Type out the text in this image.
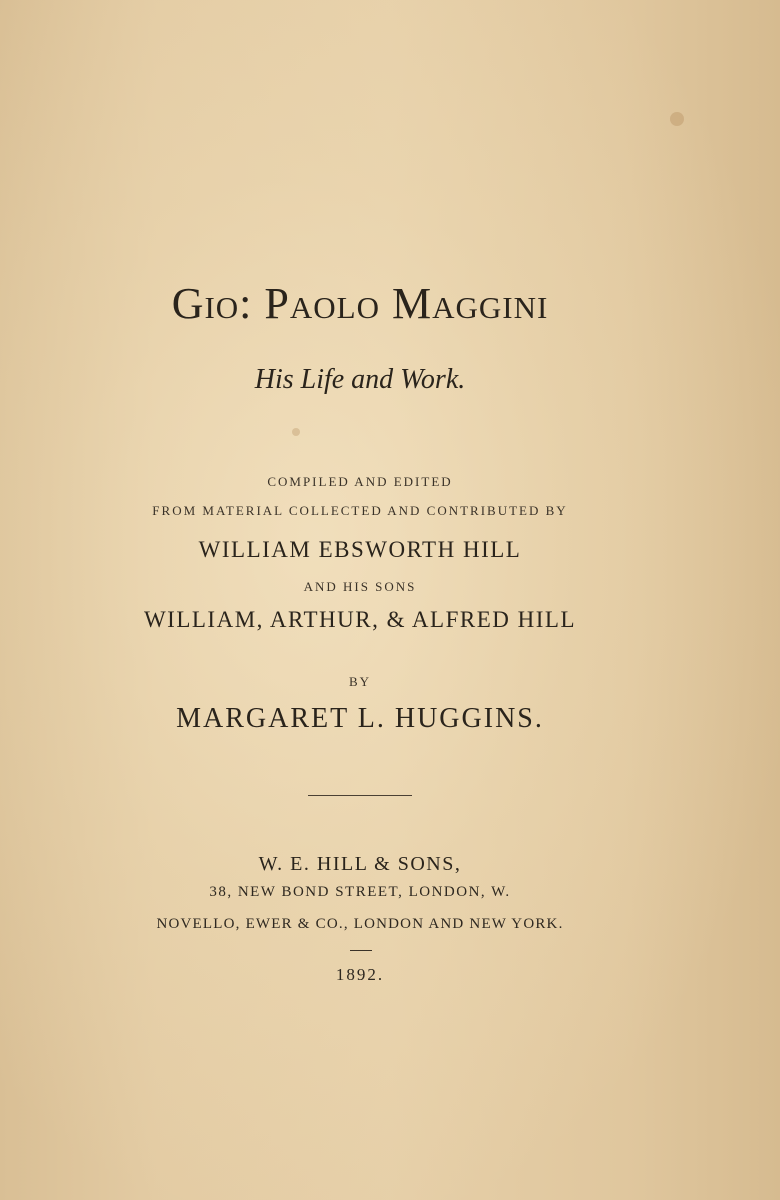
Gio: Paolo Maggini
His Life and Work.
COMPILED AND EDITED
FROM MATERIAL COLLECTED AND CONTRIBUTED BY
WILLIAM EBSWORTH HILL
AND HIS SONS
WILLIAM, ARTHUR, & ALFRED HILL
BY
MARGARET L. HUGGINS.
W. E. HILL & SONS,
38, NEW BOND STREET, LONDON, W.
NOVELLO, EWER & CO., LONDON AND NEW YORK.
1892.
